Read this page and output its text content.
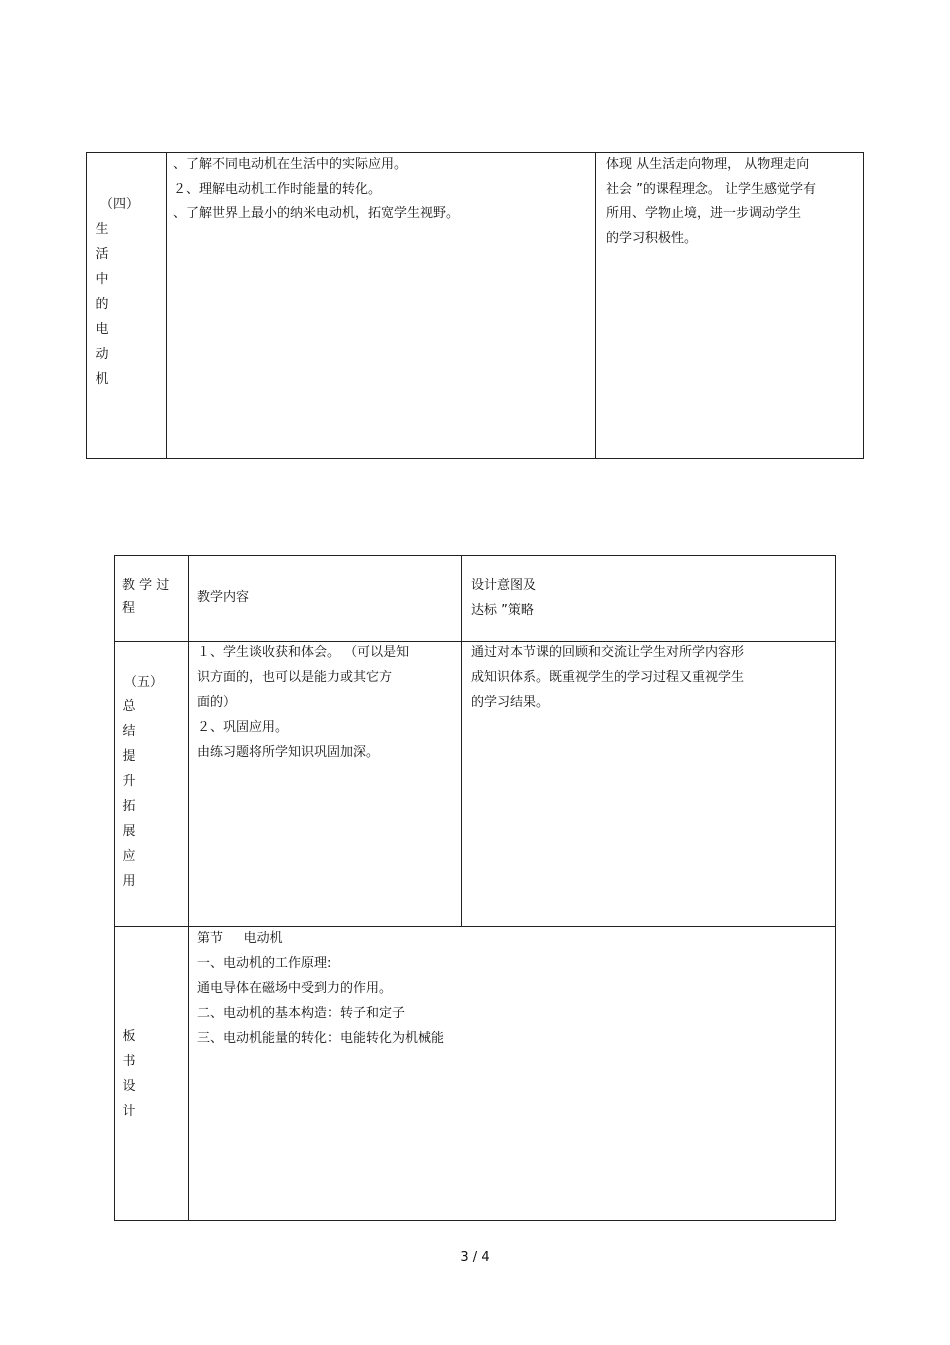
（四）
生
活
中
的
电
动
机
、了解不同电动机在生活中的实际应用。
２、理解电动机工作时能量的转化。
、了解世界上最小的纳米电动机，拓宽学生视野。
体现 从生活走向物理， 从物理走向
社会 ”的课程理念。 让学生感觉学有
所用、学物止境，进一步调动学生
的学习积极性。
教 学 过
程
教学内容
设计意图及
达标 ”策略
（五）
总
结
提
升
拓
展
应
用
１、学生谈收获和体会。 （可以是知
识方面的，也可以是能力或其它方
面的）
２、巩固应用。
由练习题将所学知识巩固加深。
通过对本节课的回顾和交流让学生对所学内容形
成知识体系。既重视学生的学习过程又重视学生
的学习结果。
板
书
设
计
第节     电动机
一、电动机的工作原理:
通电导体在磁场中受到力的作用。
二、电动机的基本构造：转子和定子
三、电动机能量的转化：电能转化为机械能
3 / 4
